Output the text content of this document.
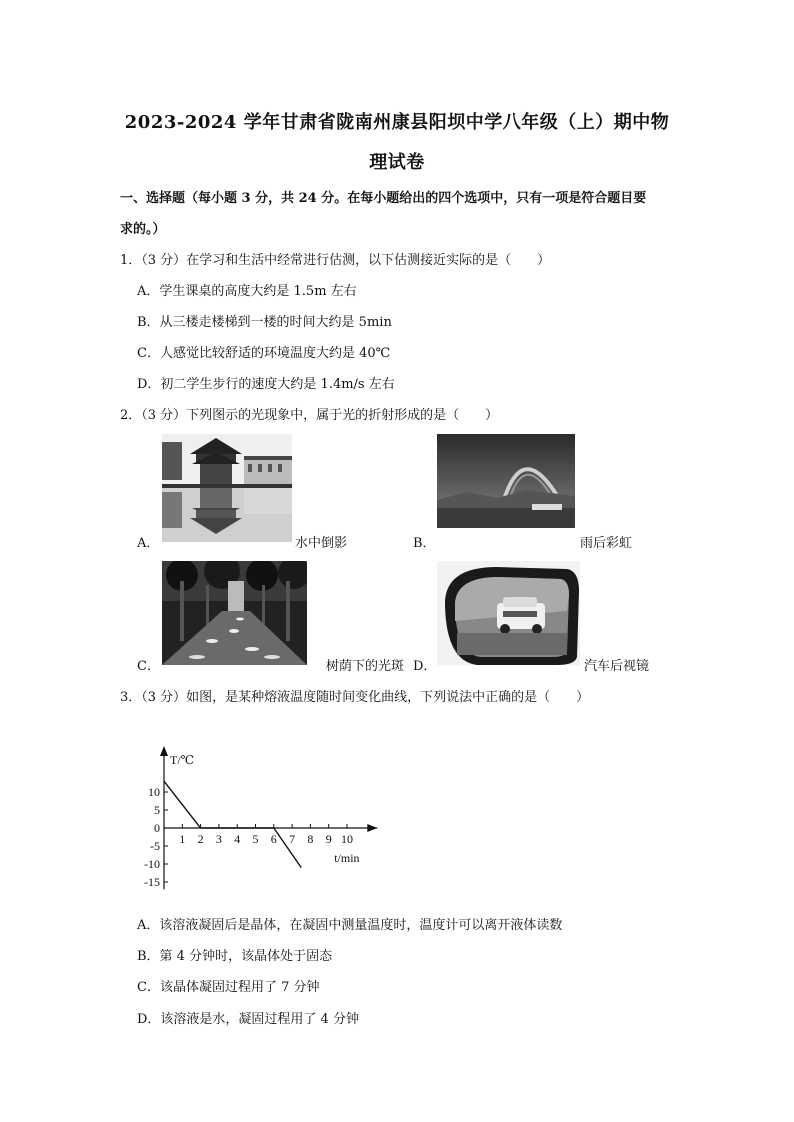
2023-2024 学年甘肃省陇南州康县阳坝中学八年级（上）期中物
理试卷
一、选择题（每小题 3 分，共 24 分。在每小题给出的四个选项中，只有一项是符合题目要
求的。）
1．（3 分）在学习和生活中经常进行估测，以下估测接近实际的是（　　）
A．学生课桌的高度大约是 1.5m 左右
B．从三楼走楼梯到一楼的时间大约是 5min
C．人感觉比较舒适的环境温度大约是 40℃
D．初二学生步行的速度大约是 1.4m/s 左右
2．（3 分）下列图示的光现象中，属于光的折射形成的是（　　）
A．	水中倒影	B．	雨后彩虹
C．	树荫下的光斑 D．	汽车后视镜
3．（3 分）如图，是某种熔液温度随时间变化曲线，下列说法中正确的是（　　）
T/℃
t/min
1 2 3 4 5 6 7 8 9 10
10
5
0
-5
-10
-15
A．该溶液凝固后是晶体，在凝固中测量温度时，温度计可以离开液体读数
B．第 4 分钟时，该晶体处于固态
C．该晶体凝固过程用了 7 分钟
D．该溶液是水，凝固过程用了 4 分钟
